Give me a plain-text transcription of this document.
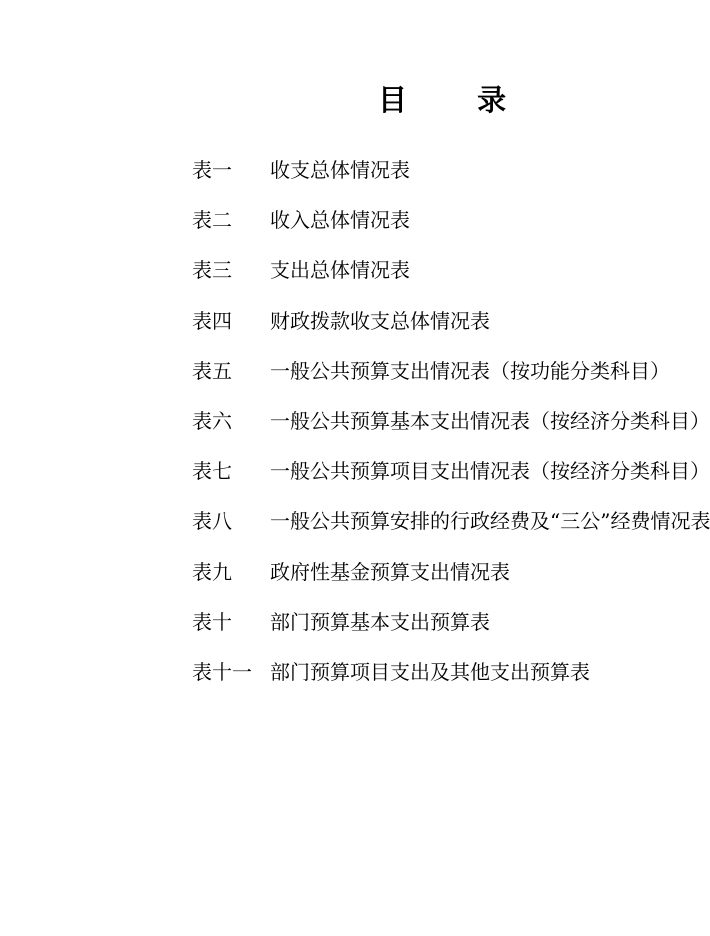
目 录
表一	收支总体情况表
表二	收入总体情况表
表三	支出总体情况表
表四	财政拨款收支总体情况表
表五	一般公共预算支出情况表（按功能分类科目）
表六	一般公共预算基本支出情况表（按经济分类科目）
表七	一般公共预算项目支出情况表（按经济分类科目）
表八	一般公共预算安排的行政经费及“三公”经费情况表
表九	政府性基金预算支出情况表
表十	部门预算基本支出预算表
表十一 部门预算项目支出及其他支出预算表
